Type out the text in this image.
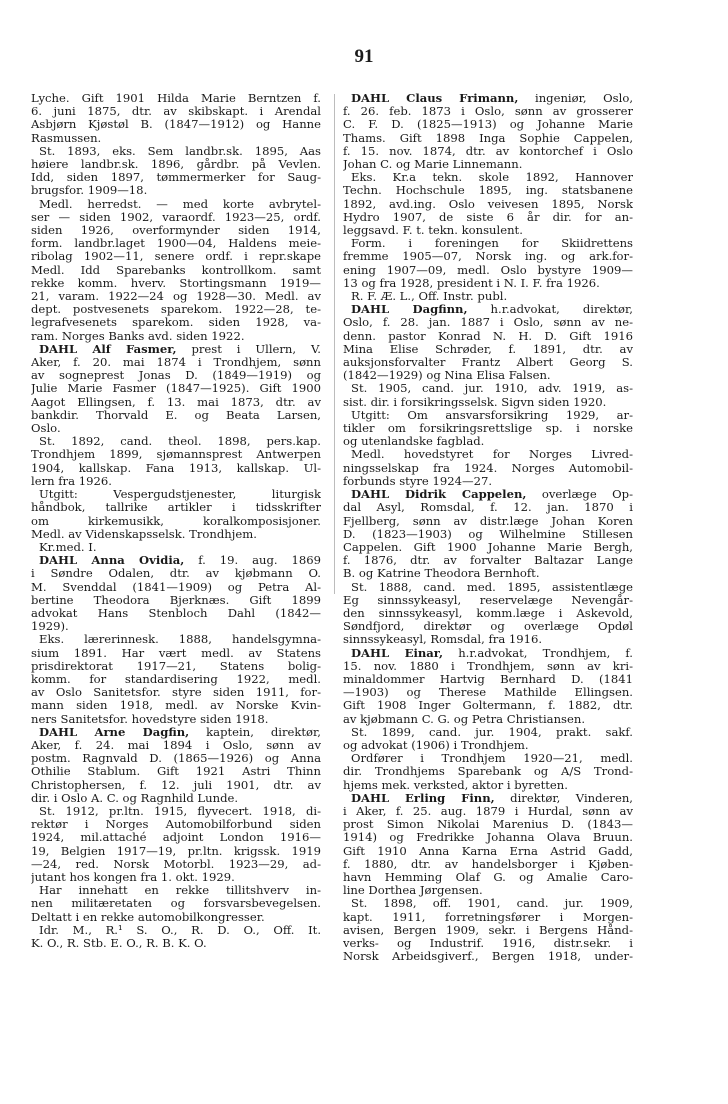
91
Lyche. Gift 1901 Hilda Marie Berntzen f.
6. juni 1875, dtr. av skibskapt. i Arendal
Asbjørn Kjøstøl B. (1847—1912) og Hanne
Rasmussen.
St. 1893, eks. Sem landbr.sk. 1895, Aas
høiere landbr.sk. 1896, gårdbr. på Vevlen.
Idd, siden 1897, tømmermerker for Saug-
brugsfor. 1909—18.
Medl. herredst. — med korte avbrytel-
ser — siden 1902, varaordf. 1923—25, ordf.
siden 1926, overformynder siden 1914,
form. landbr.laget 1900—04, Haldens meie-
ribolag 1902—11, senere ordf. i repr.skape
Medl. Idd Sparebanks kontrollkom. samt
rekke komm. hverv. Stortingsmann 1919—
21, varam. 1922—24 og 1928—30. Medl. av
dept. postvesenets sparekom. 1922—28, te-
legrafvesenets sparekom. siden 1928, va-
ram. Norges Banks avd. siden 1922.
DAHL Alf Fasmer, prest i Ullern, V.
Aker, f. 20. mai 1874 i Trondhjem, sønn
av sogneprest Jonas D. (1849—1919) og
Julie Marie Fasmer (1847—1925). Gift 1900
Aagot Ellingsen, f. 13. mai 1873, dtr. av
bankdir. Thorvald E. og Beata Larsen,
Oslo.
St. 1892, cand. theol. 1898, pers.kap.
Trondhjem 1899, sjømannsprest Antwerpen
1904, kallskap. Fana 1913, kallskap. Ul-
lern fra 1926.
Utgitt: Vespergudstjenester, liturgisk
håndbok, tallrike artikler i tidsskrifter
om kirkemusikk, koralkomposisjoner.
Medl. av Videnskapsselsk. Trondhjem.
Kr.med. I.
DAHL Anna Ovidia, f. 19. aug. 1869
i Søndre Odalen, dtr. av kjøbmann O.
M. Svenddal (1841—1909) og Petra Al-
bertine Theodora Bjerknæs. Gift 1899
advokat Hans Stenbloch Dahl (1842—
1929).
Eks. lærerinnesk. 1888, handelsgymna-
sium 1891. Har vært medl. av Statens
prisdirektorat 1917—21, Statens bolig-
komm. for standardisering 1922, medl.
av Oslo Sanitetsfor. styre siden 1911, for-
mann siden 1918, medl. av Norske Kvin-
ners Sanitetsfor. hovedstyre siden 1918.
DAHL Arne Dagfin, kaptein, direktør,
Aker, f. 24. mai 1894 i Oslo, sønn av
postm. Ragnvald D. (1865—1926) og Anna
Othilie Stablum. Gift 1921 Astri Thinn
Christophersen, f. 12. juli 1901, dtr. av
dir. i Oslo A. C. og Ragnhild Lunde.
St. 1912, pr.ltn. 1915, flyvecert. 1918, di-
rektør i Norges Automobilforbund siden
1924, mil.attaché adjoint London 1916—
19, Belgien 1917—19, pr.ltn. krigssk. 1919
—24, red. Norsk Motorbl. 1923—29, ad-
jutant hos kongen fra 1. okt. 1929.
Har innehatt en rekke tillitshverv in-
nen militæretaten og forsvarsbevegelsen.
Deltatt i en rekke automobilkongresser.
Idr. M., R.¹ S. O., R. D. O., Off. It.
K. O., R. Stb. E. O., R. B. K. O.
DAHL Claus Frimann, ingeniør, Oslo,
f. 26. feb. 1873 i Oslo, sønn av grosserer
C. F. D. (1825—1913) og Johanne Marie
Thams. Gift 1898 Inga Sophie Cappelen,
f. 15. nov. 1874, dtr. av kontorchef i Oslo
Johan C. og Marie Linnemann.
Eks. Kr.a tekn. skole 1892, Hannover
Techn. Hochschule 1895, ing. statsbanene
1892, avd.ing. Oslo veivesen 1895, Norsk
Hydro 1907, de siste 6 år dir. for an-
leggsavd. F. t. tekn. konsulent.
Form. i foreningen for Skiidrettens
fremme 1905—07, Norsk ing. og ark.for-
ening 1907—09, medl. Oslo bystyre 1909—
13 og fra 1928, president i N. I. F. fra 1926.
R. F. Æ. L., Off. Instr. publ.
DAHL Dagfinn, h.r.advokat, direktør,
Oslo, f. 28. jan. 1887 i Oslo, sønn av ne-
denn. pastor Konrad N. H. D. Gift 1916
Mina Elise Schrøder, f. 1891, dtr. av
auksjonsforvalter Frantz Albert Georg S.
(1842—1929) og Nina Elisa Falsen.
St. 1905, cand. jur. 1910, adv. 1919, as-
sist. dir. i forsikringsselsk. Sigvn siden 1920.
Utgitt: Om ansvarsforsikring 1929, ar-
tikler om forsikringsrettslige sp. i norske
og utenlandske fagblad.
Medl. hovedstyret for Norges Livred-
ningsselskap fra 1924. Norges Automobil-
forbunds styre 1924—27.
DAHL Didrik Cappelen, overlæge Op-
dal Asyl, Romsdal, f. 12. jan. 1870 i
Fjellberg, sønn av distr.læge Johan Koren
D. (1823—1903) og Wilhelmine Stillesen
Cappelen. Gift 1900 Johanne Marie Bergh,
f. 1876, dtr. av forvalter Baltazar Lange
B. og Katrine Theodora Bernhoft.
St. 1888, cand. med. 1895, assistentlæge
Eg sinnssykeasyl, reservelæge Nevengår-
den sinnssykeasyl, komm.læge i Askevold,
Søndfjord, direktør og overlæge Opdøl
sinnssykeasyl, Romsdal, fra 1916.
DAHL Einar, h.r.advokat, Trondhjem, f.
15. nov. 1880 i Trondhjem, sønn av kri-
minaldommer Hartvig Bernhard D. (1841
—1903) og Therese Mathilde Ellingsen.
Gift 1908 Inger Goltermann, f. 1882, dtr.
av kjøbmann C. G. og Petra Christiansen.
St. 1899, cand. jur. 1904, prakt. sakf.
og advokat (1906) i Trondhjem.
Ordfører i Trondhjem 1920—21, medl.
dir. Trondhjems Sparebank og A/S Trond-
hjems mek. verksted, aktor i byretten.
DAHL Erling Finn, direktør, Vinderen,
i Aker, f. 25. aug. 1879 i Hurdal, sønn av
prost Simon Nikolai Marenius D. (1843—
1914) og Fredrikke Johanna Olava Bruun.
Gift 1910 Anna Karna Erna Astrid Gadd,
f. 1880, dtr. av handelsborger i Kjøben-
havn Hemming Olaf G. og Amalie Caro-
line Dorthea Jørgensen.
St. 1898, off. 1901, cand. jur. 1909,
kapt. 1911, forretningsfører i Morgen-
avisen, Bergen 1909, sekr. i Bergens Hånd-
verks- og Industrif. 1916, distr.sekr. i
Norsk Arbeidsgiverf., Bergen 1918, under-
